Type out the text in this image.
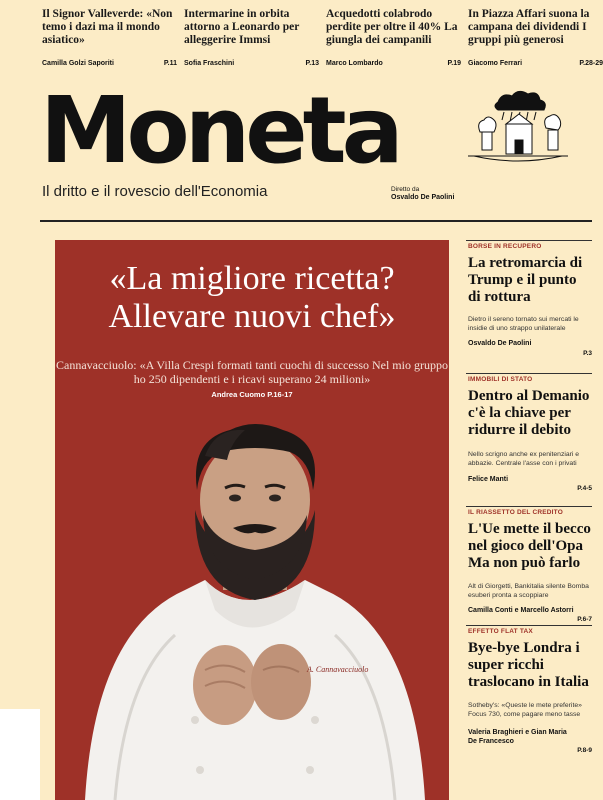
Il Signor Valleverde: «Non temo i dazi ma il mondo asiatico»
Camilla Golzi Saporiti	P.11
Intermarine in orbita attorno a Leonardo per alleggerire Immsi
Sofia Fraschini	P.13
Acquedotti colabrodo perdite per oltre il 40% La giungla dei campanili
Marco Lombardo	P.19
In Piazza Affari suona la campana dei dividendi I gruppi più generosi
Giacomo Ferrari	P.28-29
Moneta
Il dritto e il rovescio dell'Economia	Diretto da
Osvaldo De Paolini
«La migliore ricetta? Allevare nuovi chef»
Cannavacciuolo: «A Villa Crespi formati tanti cuochi di successo Nel mio gruppo ho 250 dipendenti e i ricavi superano 24 milioni»
Andrea Cuomo P.16-17
A. Cannavacciuolo
BORSE IN RECUPERO
La retromarcia di Trump e il punto di rottura
Dietro il sereno tornato sui mercati le insidie di uno strappo unilaterale
Osvaldo De Paolini
P.3
IMMOBILI DI STATO
Dentro al Demanio c'è la chiave per ridurre il debito
Nello scrigno anche ex penitenziari e abbazie. Centrale l'asse con i privati
Felice Manti
P.4-5
IL RIASSETTO DEL CREDITO
L'Ue mette il becco nel gioco dell'Opa Ma non può farlo
Alt di Giorgetti, Bankitalia silente Bomba esuberi pronta a scoppiare
Camilla Conti e Marcello Astorri
P.6-7
EFFETTO FLAT TAX
Bye-bye Londra i super ricchi traslocano in Italia
Sotheby's: «Queste le mete preferite» Focus 730, come pagare meno tasse
Valeria Braghieri e Gian Maria De Francesco
P.8-9
